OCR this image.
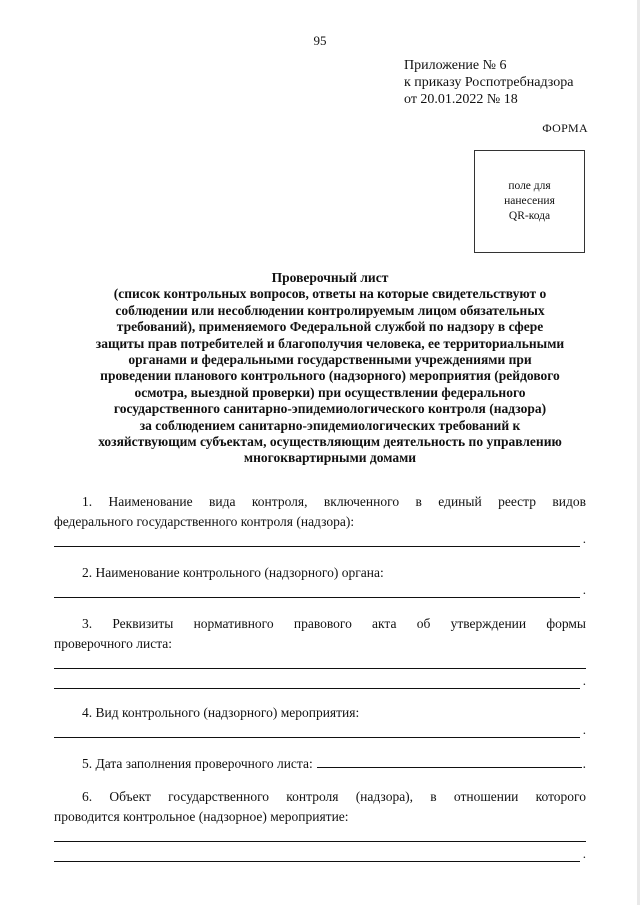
95
Приложение № 6
к приказу Роспотребнадзора
от 20.01.2022 № 18
ФОРМА
поле для
нанесения
QR-кода
Проверочный лист
(список контрольных вопросов, ответы на которые свидетельствуют о
соблюдении или несоблюдении контролируемым лицом обязательных
требований), применяемого Федеральной службой по надзору в сфере
защиты прав потребителей и благополучия человека, ее территориальными
органами и федеральными государственными учреждениями при
проведении планового контрольного (надзорного) мероприятия (рейдового
осмотра, выездной проверки) при осуществлении федерального
государственного санитарно-эпидемиологического контроля (надзора)
за соблюдением санитарно-эпидемиологических требований к
хозяйствующим субъектам, осуществляющим деятельность по управлению
многоквартирными домами
1. Наименование вида контроля, включенного в единый реестр видов
федерального государственного контроля (надзора):
.
2. Наименование контрольного (надзорного) органа:
.
3. Реквизиты нормативного правового акта об утверждении формы
проверочного листа:
.
4. Вид контрольного (надзорного) мероприятия:
.
5. Дата заполнения проверочного листа:	.
6. Объект государственного контроля (надзора), в отношении которого
проводится контрольное (надзорное) мероприятие:
.
